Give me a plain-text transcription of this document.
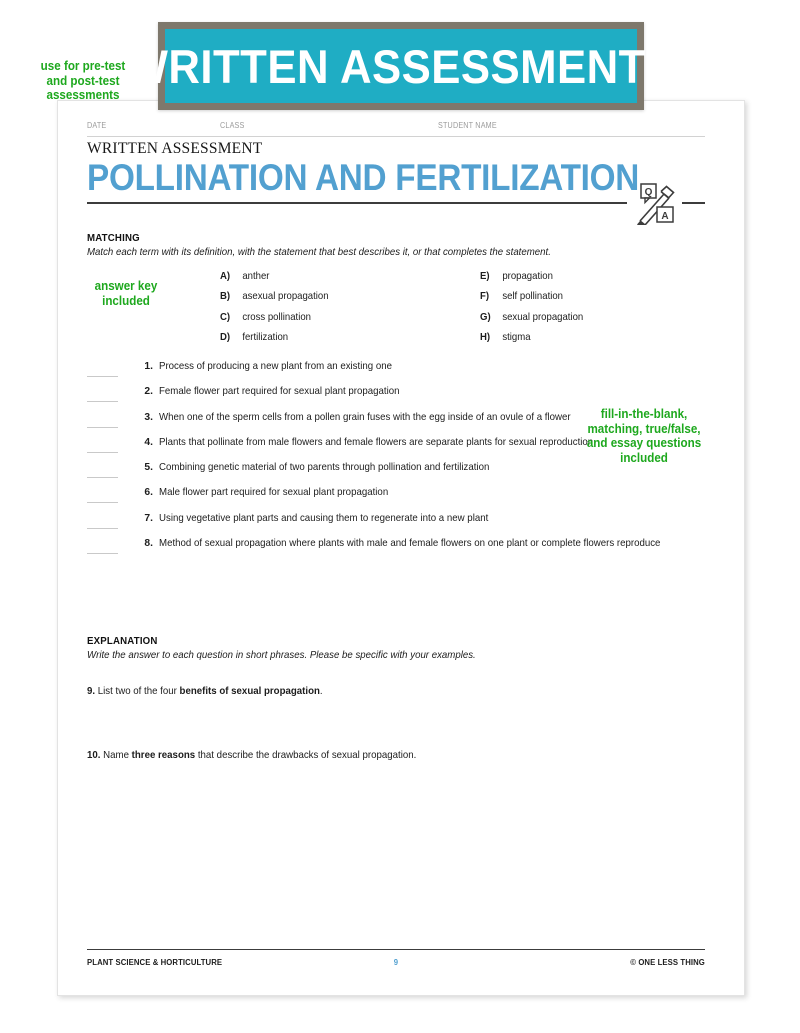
use for pre-test
and post-test
assessments
WRITTEN ASSESSMENTS
DATE	CLASS	STUDENT NAME
WRITTEN ASSESSMENT
POLLINATION AND FERTILIZATION Q
A
MATCHING
Match each term with its definition, with the statement that best describes it, or that completes the statement.
A) anther
B) asexual propagation
C) cross pollination
D) fertilization
E) propagation
F) self pollination
G) sexual propagation
H) stigma
1. Process of producing a new plant from an existing one
2. Female flower part required for sexual plant propagation
3. When one of the sperm cells from a pollen grain fuses with the egg inside of an ovule of a flower
4. Plants that pollinate from male flowers and female flowers are separate plants for sexual reproduction
5. Combining genetic material of two parents through pollination and fertilization
6. Male flower part required for sexual plant propagation
7. Using vegetative plant parts and causing them to regenerate into a new plant
8. Method of sexual propagation where plants with male and female flowers on one plant or complete flowers reproduce
EXPLANATION
Write the answer to each question in short phrases. Please be specific with your examples.
9. List two of the four benefits of sexual propagation.
10. Name three reasons that describe the drawbacks of sexual propagation.
PLANT SCIENCE & HORTICULTURE	9	© ONE LESS THING
answer key
included
fill-in-the-blank,
matching, true/false,
and essay questions
included
